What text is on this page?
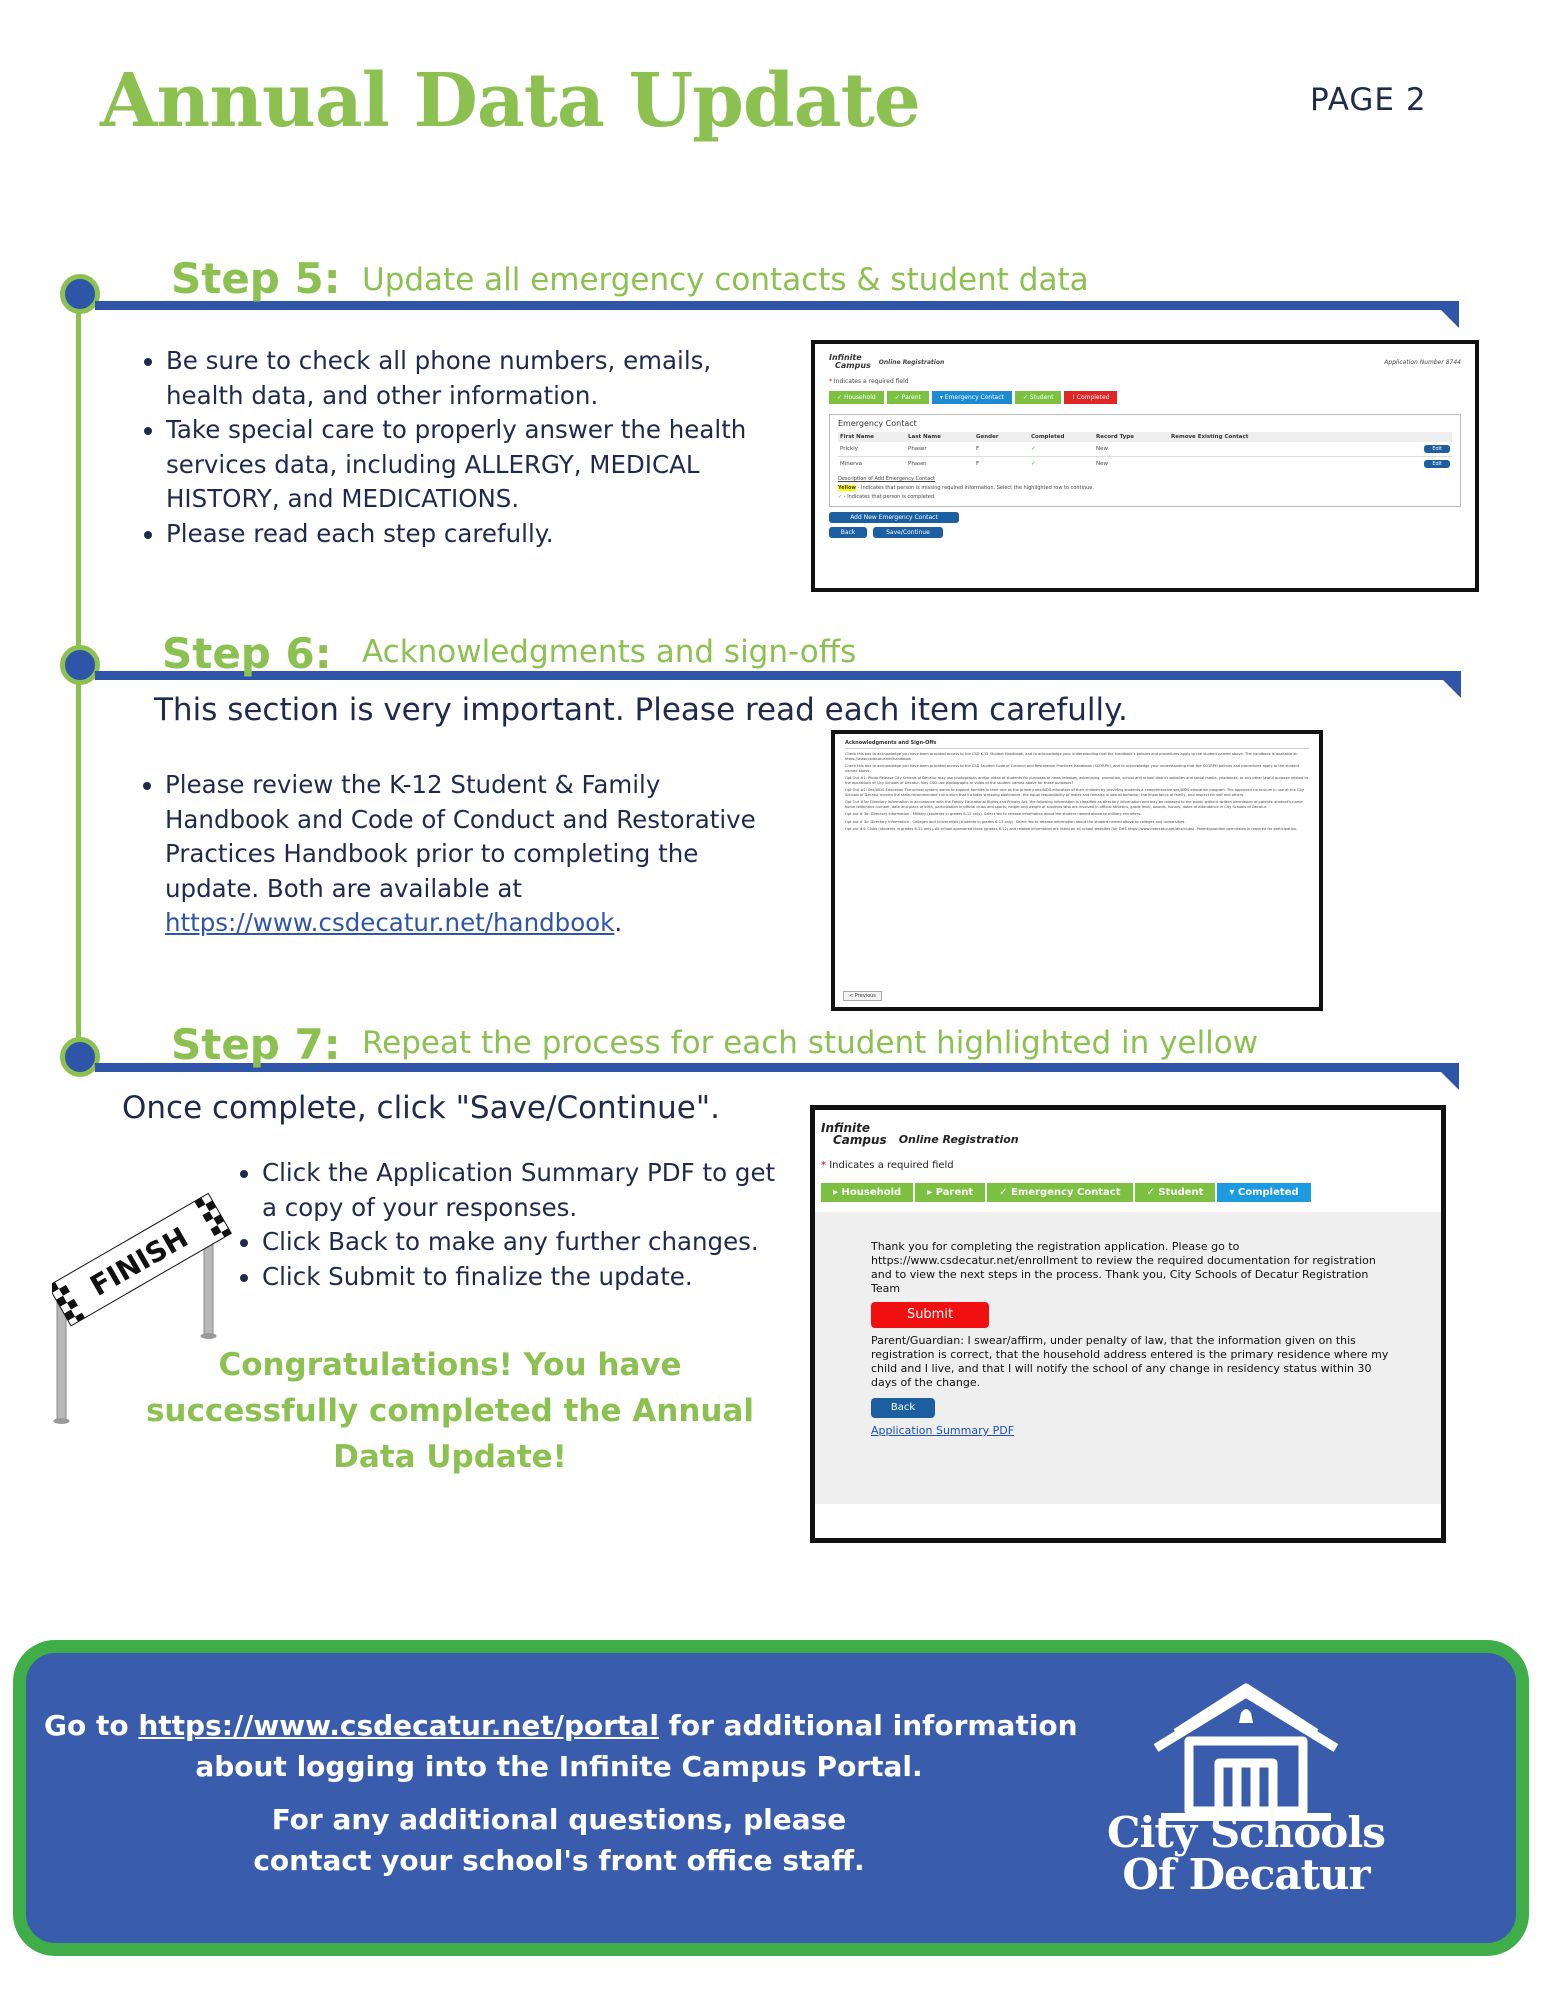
Annual Data Update	PAGE 2
Step 5: Update all emergency contacts & student data
• Be sure to check all phone numbers, emails, health data, and other information.
• Take special care to properly answer the health services data, including ALLERGY, MEDICAL HISTORY, and MEDICATIONS.
• Please read each step carefully.
Infinite
Campus Online Registration	Application Number 8744
* Indicates a required field
✓ Household	✓ Parent	▾ Emergency Contact	✓ Student	! Completed
Emergency Contact
First Name	Last Name	Gender	Completed	Record Type	Remove Existing Contact
Prickly	Phaser	F	✓	New	Edit
Minerva	Phaser	F	✓	New	Edit
Description of Add Emergency Contact
Yellow - Indicates that person is missing required information. Select the highlighted row to continue.
✓ - Indicates that person is completed.
Add New Emergency Contact
Back	Save/Continue
Step 6: Acknowledgments and sign-offs
This section is very important. Please read each item carefully.
• Please review the K-12 Student & Family Handbook and Code of Conduct and Restorative Practices Handbook prior to completing the update. Both are available at https://www.csdecatur.net/handbook.
Acknowledgments and Sign-Offs

Check this box to acknowledge you have been provided access to the CSD K-12 Student Handbook, and to acknowledge your understanding that the handbook's policies and procedures apply to the student named above. The handbook is available at: https://www.csdecatur.net/handbook

Check this box to acknowledge you have been provided access to the CSD Student Code of Conduct and Restorative Practices Handbook (SCORPH), and to acknowledge your understanding that the SCORPH policies and procedures apply to the student named above.

Opt Out #1: Photo Release City Schools of Decatur may use photographs and/or video of students for purposes of news releases, advertising, promotion, school and school district websites and social media, yearbooks, or any other lawful purpose related to the operations of City Schools of Decatur. May CSD use photographs or video of the student named above for these purposes?

Opt Out #2: Sex/AIDS Education The school system wants to support families in their role as the primary sex/AIDS educators of their children by providing students a comprehensive sex/AIDS education program. The approved curriculum in use at the City Schools of Decatur mirrors the state-recommended curriculum that includes stressing abstinence, the equal responsibility of males and females in sexual behavior, the importance of family, and respect for self and others.

Opt Out #3a: Directory Information In accordance with the Family Educational Rights and Privacy Act, the following information is classified as directory information and may be released to the public without written permission of parents: student's name, home telephone number, date and place of birth, participation in official clubs and sports, height and weight of students who are involved in official athletics, grade level, awards, honors, dates of attendance in City Schools of Decatur.

Opt out # 3b: Directory Information - Military (students in grades 6-12 only). Select Yes to release information about the student named above to military recruiters.

Opt out # 3c: Directory Information - Colleges and Universities (students in grades 6-12 only). Select Yes to release information about the student named above to colleges and universities.

Opt out #4: Clubs (students in grades 6-12 only). All school-sponsored clubs (grades 6-12) and related information are listed on all school websites (for DHS https://www.csdecatur.net/dhs/clubs). Parent/guardian permission is required for participation.

< Previous
Step 7: Repeat the process for each student highlighted in yellow
Once complete, click "Save/Continue".
• Click the Application Summary PDF to get a copy of your responses.
• Click Back to make any further changes.
• Click Submit to finalize the update.
FINISH
Congratulations! You have
successfully completed the Annual
Data Update!
Infinite
Campus Online Registration
* Indicates a required field
▸ Household	▸ Parent	✓ Emergency Contact	✓ Student	▾ Completed
Thank you for completing the registration application. Please go to https://www.csdecatur.net/enrollment to review the required documentation for registration and to view the next steps in the process. Thank you, City Schools of Decatur Registration Team
Submit
Parent/Guardian: I swear/affirm, under penalty of law, that the information given on this registration is correct, that the household address entered is the primary residence where my child and I live, and that I will notify the school of any change in residency status within 30 days of the change.
Back
Application Summary PDF
Go to https://www.csdecatur.net/portal for additional information
about logging into the Infinite Campus Portal.
For any additional questions, please
contact your school's front office staff.
City Schools
Of Decatur
